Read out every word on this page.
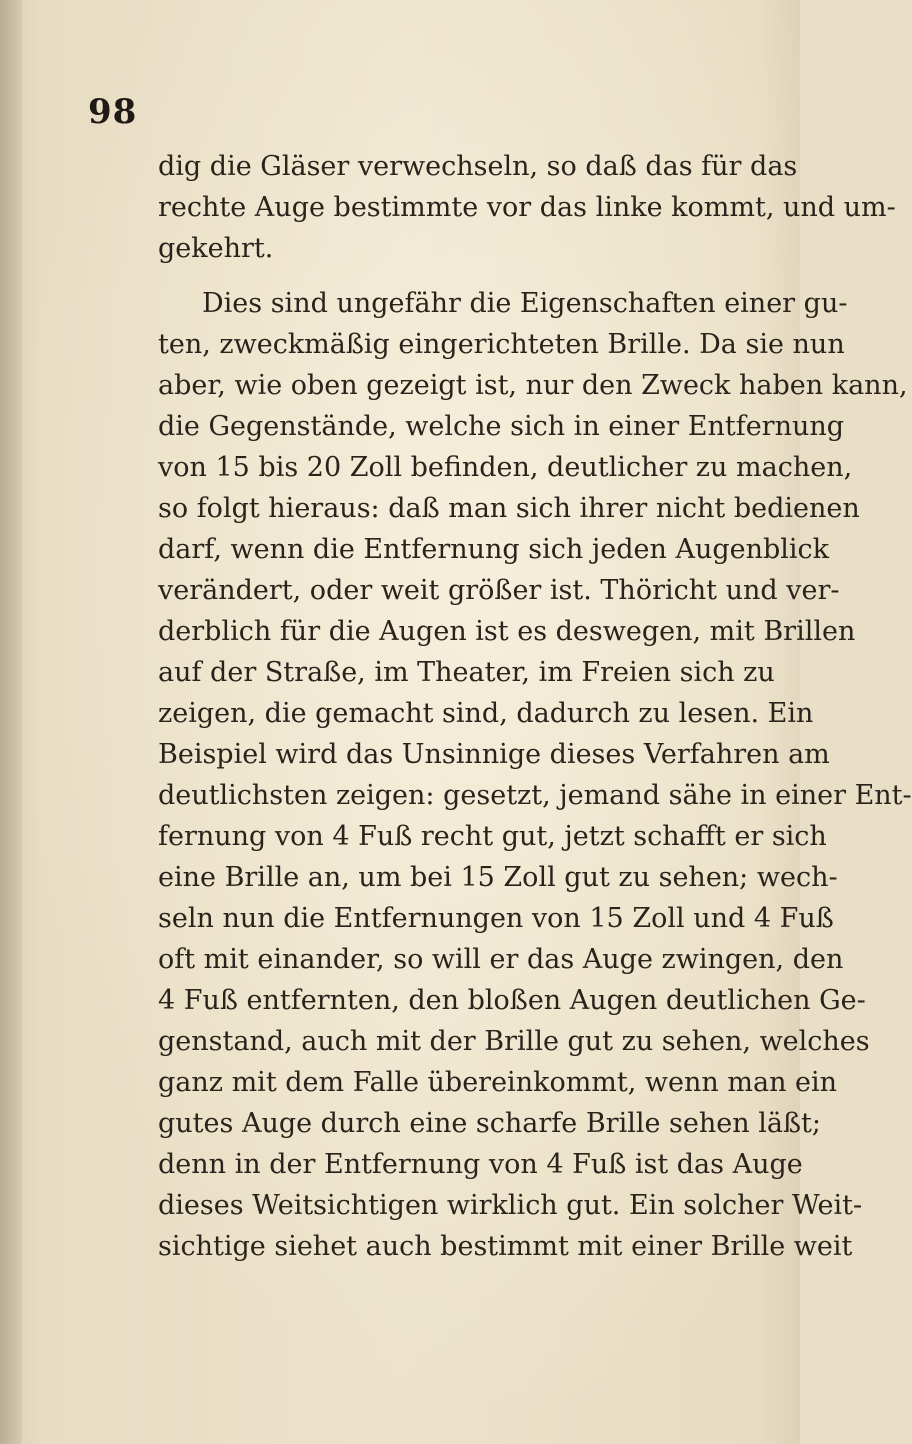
98
dig die Gläser verwechseln, so daß das für das
rechte Auge bestimmte vor das linke kommt, und um-
gekehrt.
Dies sind ungefähr die Eigenschaften einer gu-
ten, zweckmäßig eingerichteten Brille. Da sie nun
aber, wie oben gezeigt ist, nur den Zweck haben kann,
die Gegenstände, welche sich in einer Entfernung
von 15 bis 20 Zoll befinden, deutlicher zu machen,
so folgt hieraus: daß man sich ihrer nicht bedienen
darf, wenn die Entfernung sich jeden Augenblick
verändert, oder weit größer ist. Thöricht und ver-
derblich für die Augen ist es deswegen, mit Brillen
auf der Straße, im Theater, im Freien sich zu
zeigen, die gemacht sind, dadurch zu lesen. Ein
Beispiel wird das Unsinnige dieses Verfahren am
deutlichsten zeigen: gesetzt, jemand sähe in einer Ent-
fernung von 4 Fuß recht gut, jetzt schafft er sich
eine Brille an, um bei 15 Zoll gut zu sehen; wech-
seln nun die Entfernungen von 15 Zoll und 4 Fuß
oft mit einander, so will er das Auge zwingen, den
4 Fuß entfernten, den bloßen Augen deutlichen Ge-
genstand, auch mit der Brille gut zu sehen, welches
ganz mit dem Falle übereinkommt, wenn man ein
gutes Auge durch eine scharfe Brille sehen läßt;
denn in der Entfernung von 4 Fuß ist das Auge
dieses Weitsichtigen wirklich gut. Ein solcher Weit-
sichtige siehet auch bestimmt mit einer Brille weit
